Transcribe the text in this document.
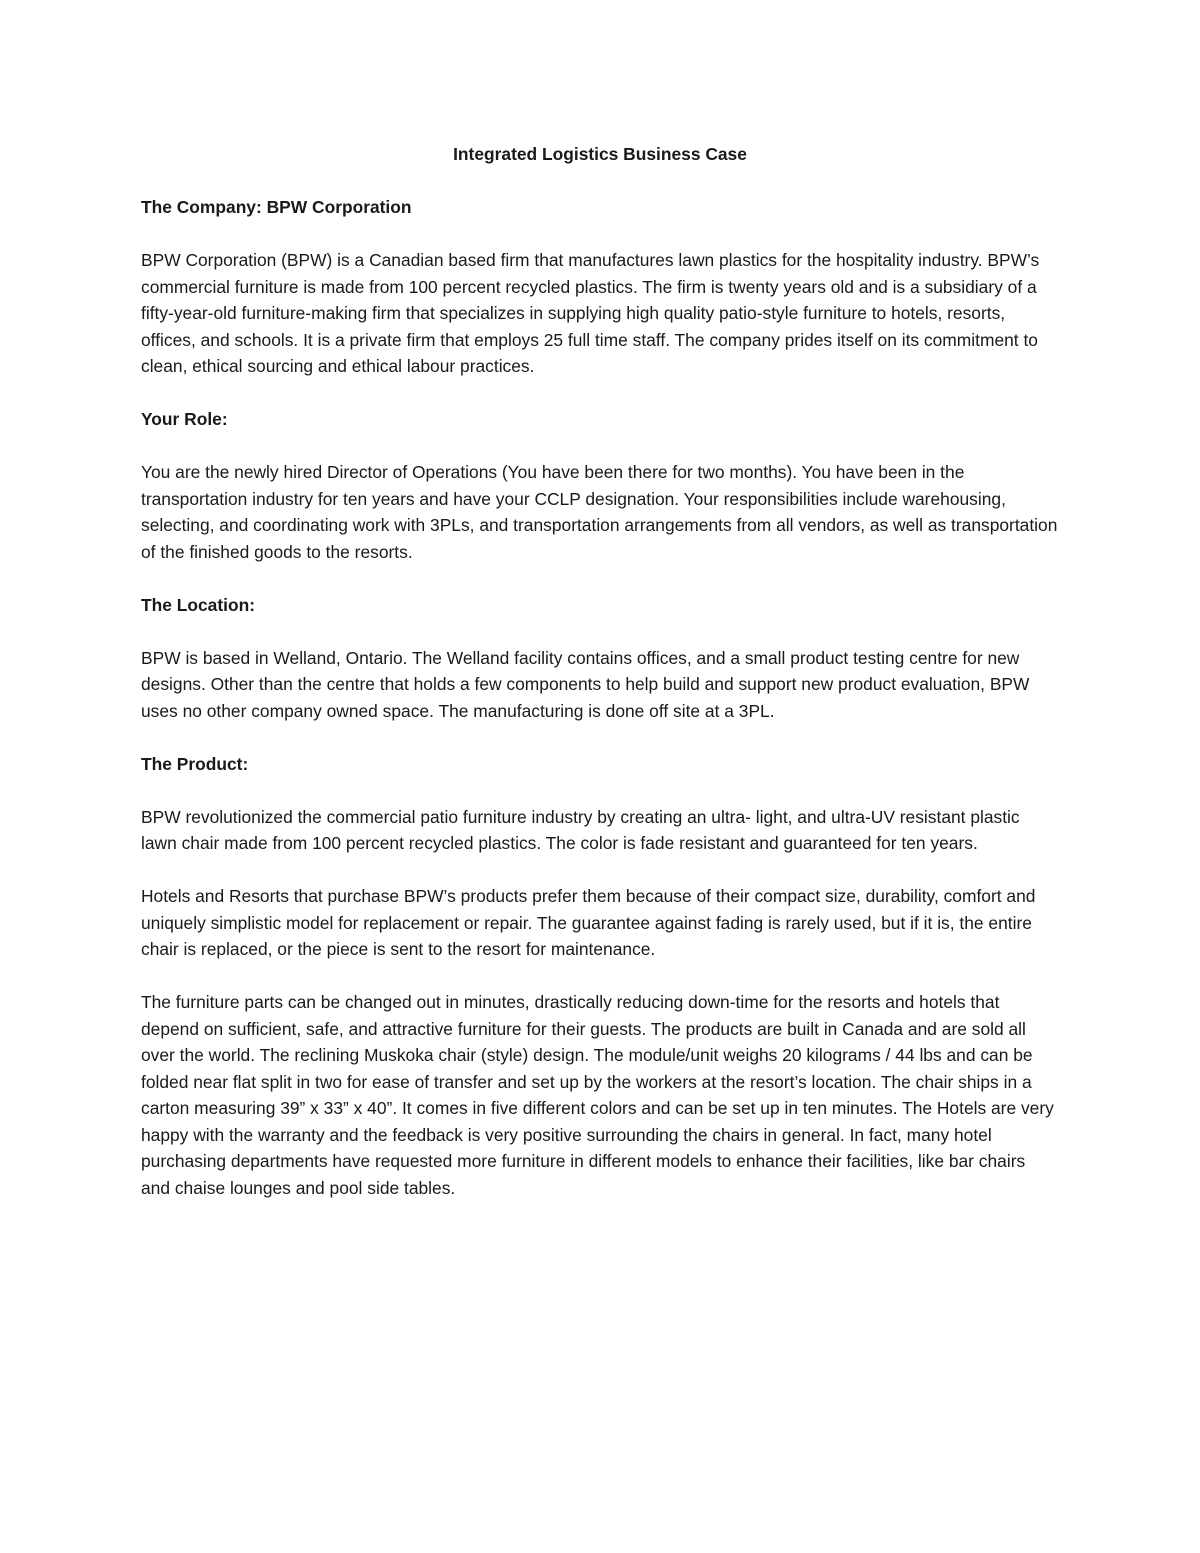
Integrated Logistics Business Case
The Company: BPW Corporation

BPW Corporation (BPW) is a Canadian based firm that manufactures lawn plastics for the hospitality industry. BPW’s commercial furniture is made from 100 percent recycled plastics. The firm is twenty years old and is a subsidiary of a fifty-year-old furniture-making firm that specializes in supplying high quality patio-style furniture to hotels, resorts, offices, and schools. It is a private firm that employs 25 full time staff. The company prides itself on its commitment to clean, ethical sourcing and ethical labour practices.

Your Role:

You are the newly hired Director of Operations (You have been there for two months). You have been in the transportation industry for ten years and have your CCLP designation. Your responsibilities include warehousing, selecting, and coordinating work with 3PLs, and transportation arrangements from all vendors, as well as transportation of the finished goods to the resorts.

The Location:

BPW is based in Welland, Ontario. The Welland facility contains offices, and a small product testing centre for new designs. Other than the centre that holds a few components to help build and support new product evaluation, BPW uses no other company owned space. The manufacturing is done off site at a 3PL.

The Product:

BPW revolutionized the commercial patio furniture industry by creating an ultra- light, and ultra-UV resistant plastic lawn chair made from 100 percent recycled plastics. The color is fade resistant and guaranteed for ten years.

Hotels and Resorts that purchase BPW’s products prefer them because of their compact size, durability, comfort and uniquely simplistic model for replacement or repair. The guarantee against fading is rarely used, but if it is, the entire chair is replaced, or the piece is sent to the resort for maintenance.

The furniture parts can be changed out in minutes, drastically reducing down-time for the resorts and hotels that depend on sufficient, safe, and attractive furniture for their guests. The products are built in Canada and are sold all over the world. The reclining Muskoka chair (style) design. The module/unit weighs 20 kilograms / 44 lbs and can be folded near flat split in two for ease of transfer and set up by the workers at the resort’s location. The chair ships in a carton measuring 39” x 33” x 40”. It comes in five different colors and can be set up in ten minutes. The Hotels are very happy with the warranty and the feedback is very positive surrounding the chairs in general. In fact, many hotel purchasing departments have requested more furniture in different models to enhance their facilities, like bar chairs and chaise lounges and pool side tables.
